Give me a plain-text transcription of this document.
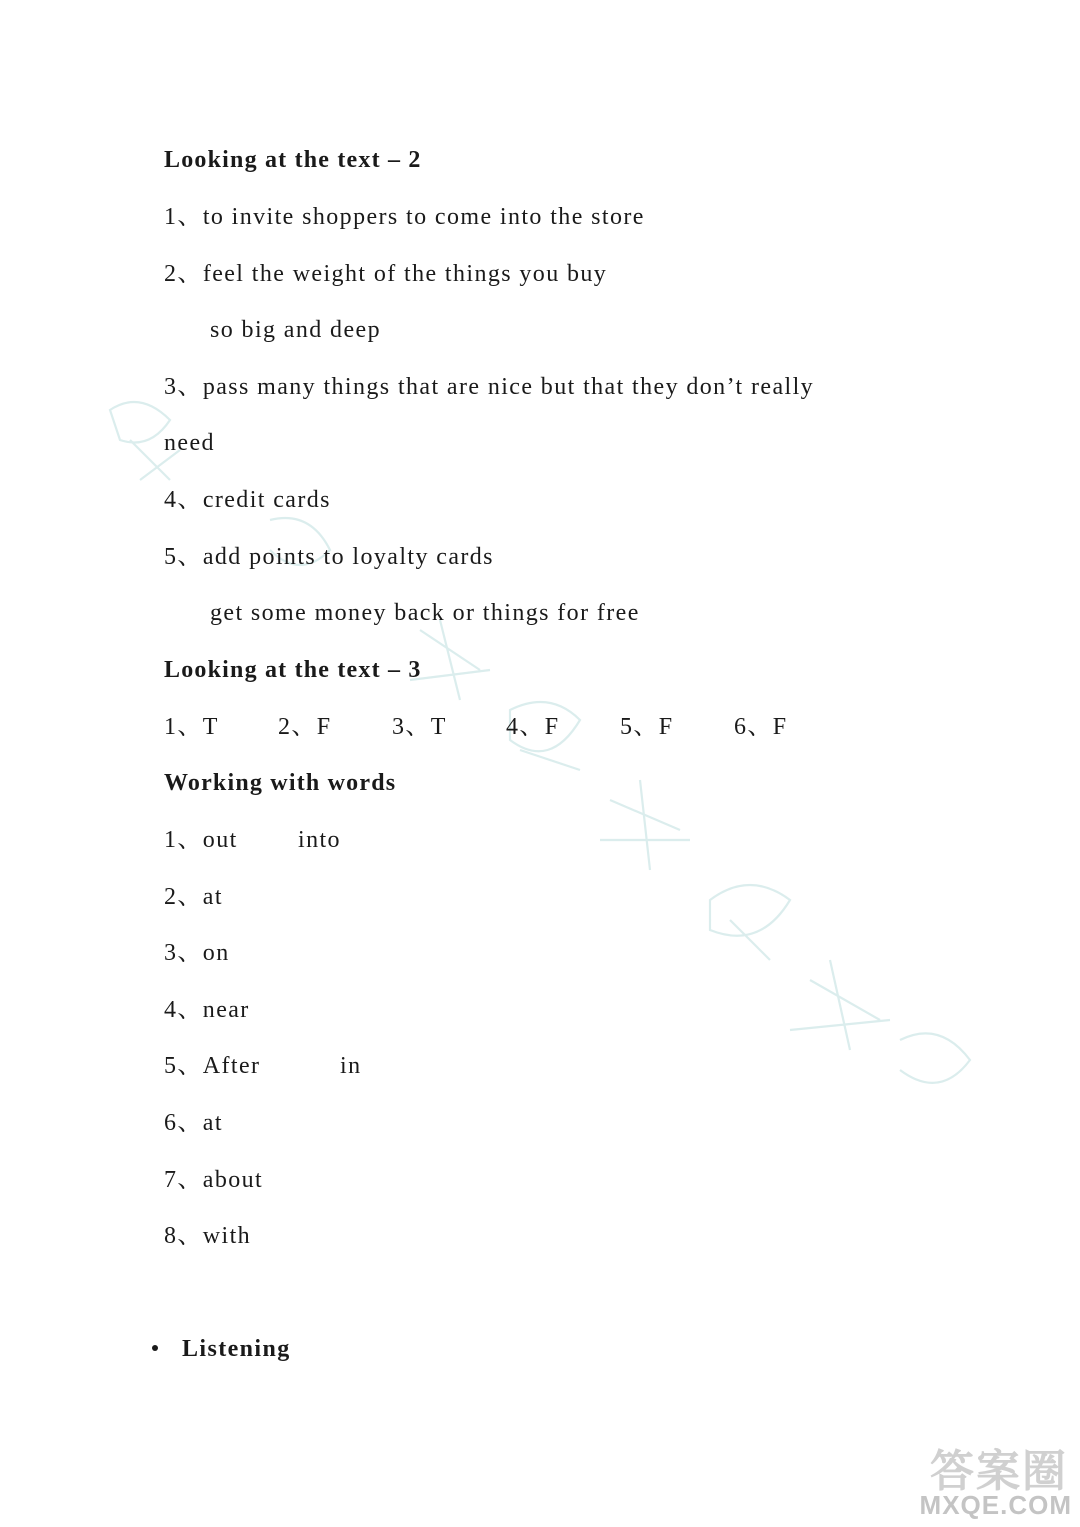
Looking at the text – 2
1、to invite shoppers to come into the store
2、feel the weight of the things you buy
so big and deep
3、pass many things that are nice but that they don’t really
need
4、credit cards
5、add points to loyalty cards
get some money back or things for free
Looking at the text – 3
1、T 2、F	3、T 4、F	5、F	6、F
Working with words
1、out	into
2、at
3、on
4、near
5、After	in
6、at
7、about
8、with
Listening
答案圈
MXQE.COM
